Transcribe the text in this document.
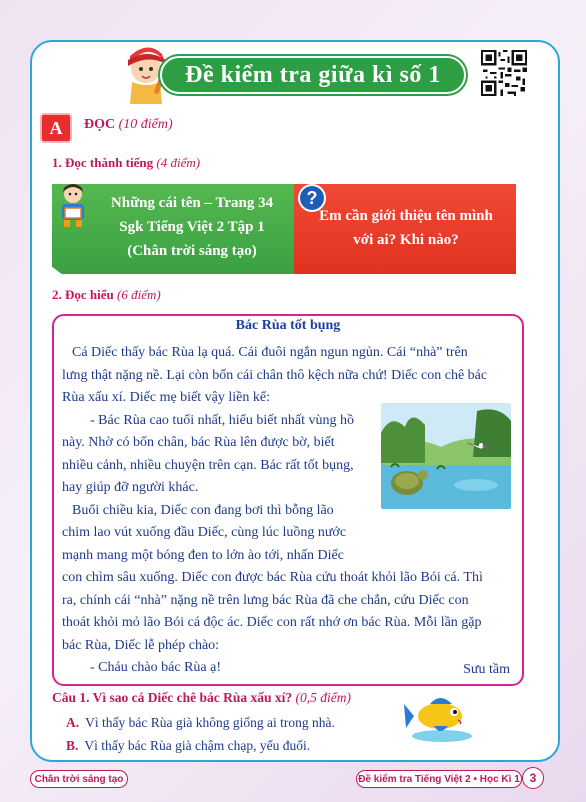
Đề kiểm tra giữa kì số 1
A	ĐỌC (10 điểm)
1. Đọc thành tiếng (4 điểm)
Những cái tên – Trang 34
Sgk Tiếng Việt 2 Tập 1
(Chân trời sáng tạo)
?
Em cần giới thiệu tên mình
với ai? Khi nào?
2. Đọc hiểu (6 điểm)
Bác Rùa tốt bụng

Cá Diếc thấy bác Rùa lạ quá. Cái đuôi ngắn ngun ngủn. Cái “nhà” trên

lưng thật nặng nề. Lại còn bốn cái chân thô kệch nữa chứ! Diếc con chê bác

Rùa xấu xí. Diếc mẹ biết vậy liền kể:

- Bác Rùa cao tuổi nhất, hiểu biết nhất vùng hồ

này. Nhờ có bốn chân, bác Rùa lên được bờ, biết

nhiều cảnh, nhiều chuyện trên cạn. Bác rất tốt bụng,

hay giúp đỡ người khác.

Buổi chiều kia, Diếc con đang bơi thì bỗng lão

chim lao vút xuống đầu Diếc, cùng lúc luồng nước

mạnh mang một bóng đen to lớn ào tới, nhấn Diếc

con chìm sâu xuống. Diếc con được bác Rùa cứu thoát khỏi lão Bói cá. Thì

ra, chính cái “nhà” nặng nề trên lưng bác Rùa đã che chắn, cứu Diếc con

thoát khỏi mỏ lão Bói cá độc ác. Diếc con rất nhớ ơn bác Rùa. Mỗi lần gặp

bác Rùa, Diếc lễ phép chào:

- Cháu chào bác Rùa ạ!	Sưu tầm
Câu 1. Vì sao cá Diếc chê bác Rùa xấu xí? (0,5 điểm)
A. Vì thấy bác Rùa già không giống ai trong nhà.
B. Vì thấy bác Rùa già chậm chạp, yếu đuối.
Chân trời sáng tạo	Đề kiểm tra Tiếng Việt 2 • Học Kì 1 3
